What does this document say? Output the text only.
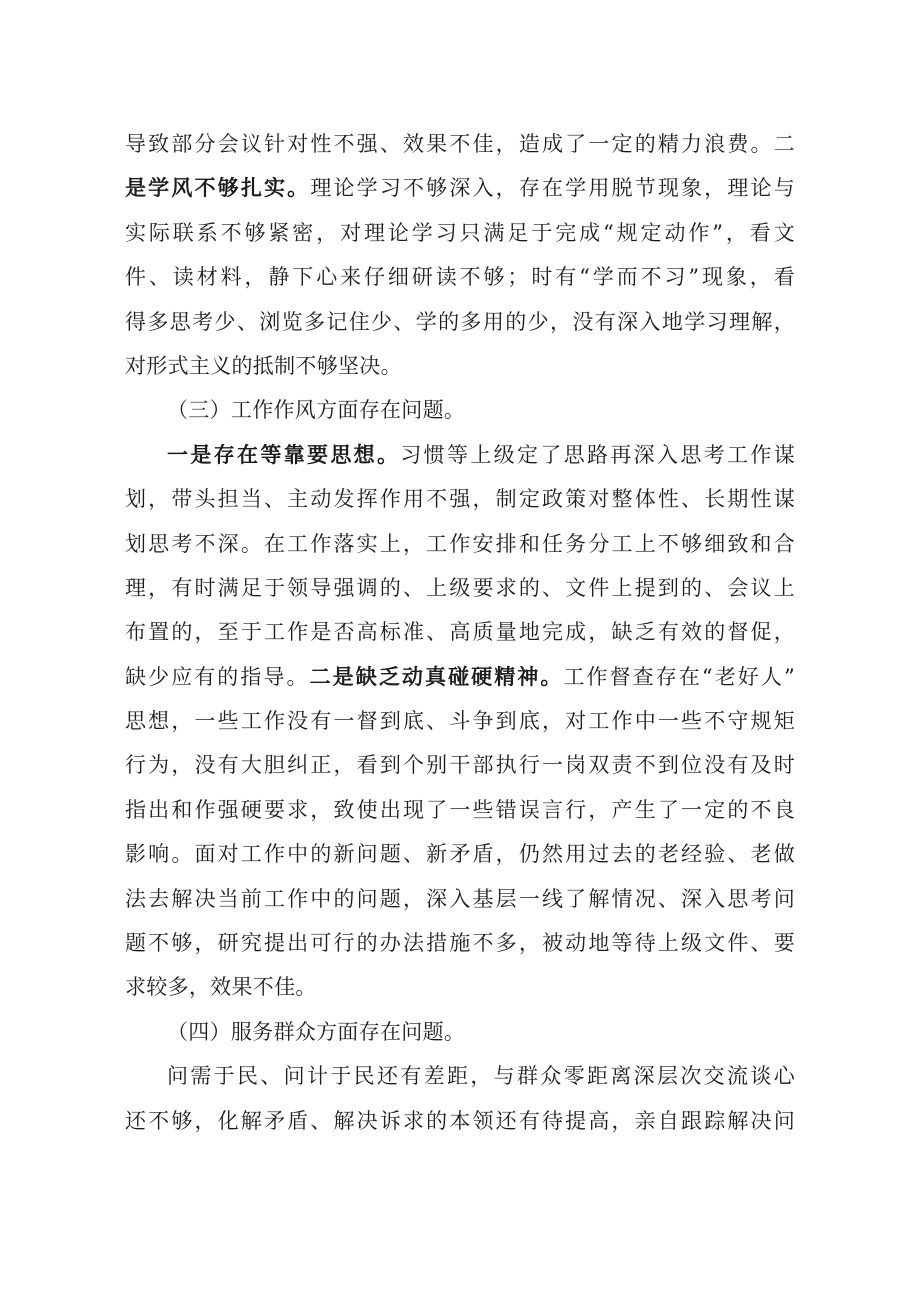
导致部分会议针对性不强、效果不佳，造成了一定的精力浪费。二
是学风不够扎实。理论学习不够深入，存在学用脱节现象，理论与
实际联系不够紧密，对理论学习只满足于完成“规定动作”，看文
件、读材料，静下心来仔细研读不够；时有“学而不习”现象，看
得多思考少、浏览多记住少、学的多用的少，没有深入地学习理解，
对形式主义的抵制不够坚决。
（三）工作作风方面存在问题。
一是存在等靠要思想。习惯等上级定了思路再深入思考工作谋
划，带头担当、主动发挥作用不强，制定政策对整体性、长期性谋
划思考不深。在工作落实上，工作安排和任务分工上不够细致和合
理，有时满足于领导强调的、上级要求的、文件上提到的、会议上
布置的，至于工作是否高标准、高质量地完成，缺乏有效的督促，
缺少应有的指导。二是缺乏动真碰硬精神。工作督查存在“老好人”
思想，一些工作没有一督到底、斗争到底，对工作中一些不守规矩
行为，没有大胆纠正，看到个别干部执行一岗双责不到位没有及时
指出和作强硬要求，致使出现了一些错误言行，产生了一定的不良
影响。面对工作中的新问题、新矛盾，仍然用过去的老经验、老做
法去解决当前工作中的问题，深入基层一线了解情况、深入思考问
题不够，研究提出可行的办法措施不多，被动地等待上级文件、要
求较多，效果不佳。
（四）服务群众方面存在问题。
问需于民、问计于民还有差距，与群众零距离深层次交流谈心
还不够，化解矛盾、解决诉求的本领还有待提高，亲自跟踪解决问
